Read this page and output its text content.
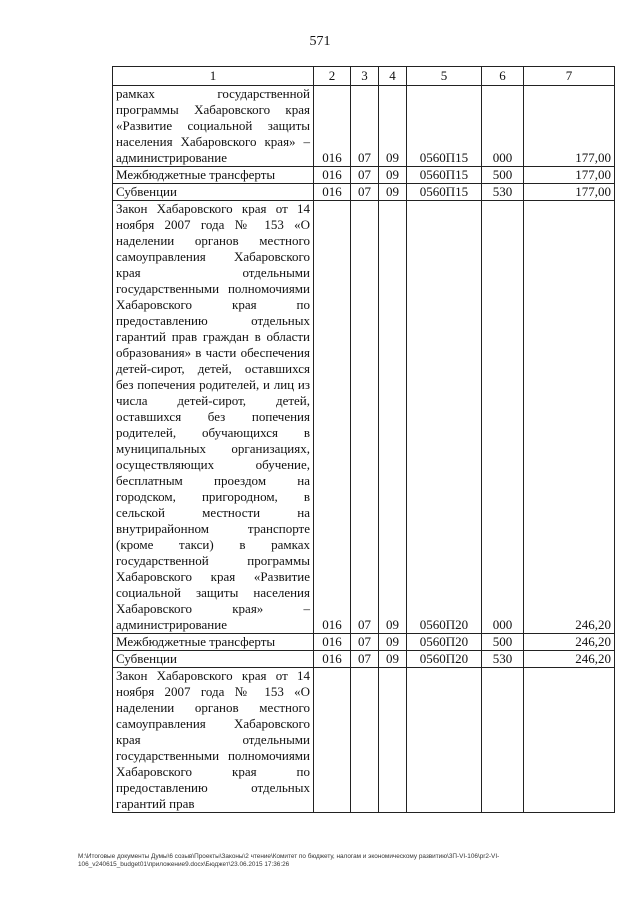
571
1	2	3	4	5	6	7
рамках государственной программы Хабаровского края «Развитие социальной защиты населения Хабаровского края» – администрирование	016	07	09	0560П15	000	177,00
Межбюджетные трансферты	016	07	09	0560П15	500	177,00
Субвенции	016	07	09	0560П15	530	177,00
Закон Хабаровского края от 14 ноября 2007 года № 153 «О наделении органов местного самоуправления Хабаровского края отдельными государственными полномочиями Хабаровского края по предоставлению отдельных гарантий прав граждан в области образования» в части обеспечения детей-сирот, детей, оставшихся без попечения родителей, и лиц из числа детей-сирот, детей, оставшихся без попечения родителей, обучающихся в муниципальных организациях, осуществляющих обучение, бесплатным проездом на городском, пригородном, в сельской местности на внутрирайонном транспорте (кроме такси) в рамках государственной программы Хабаровского края «Развитие социальной защиты населения Хабаровского края» – администрирование	016	07	09	0560П20	000	246,20
Межбюджетные трансферты	016	07	09	0560П20	500	246,20
Субвенции	016	07	09	0560П20	530	246,20
Закон Хабаровского края от 14 ноября 2007 года № 153 «О наделении органов местного самоуправления Хабаровского края отдельными государственными полномочиями Хабаровского края по предоставлению отдельных гарантий прав						
M:\Итоговые документы Думы\6 созыв\Проекты\Законы\2 чтение\Комитет по бюджету, налогам и экономическому развитию\3П-VI-106\pr2-VI-
106_v240615_budget01\приложение9.docx\Бюджет\23.06.2015 17:36:26
